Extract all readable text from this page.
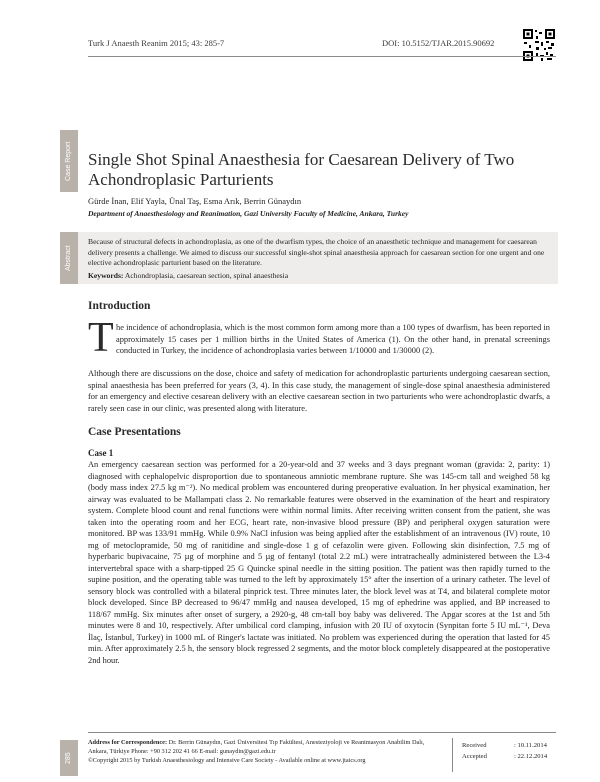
Turk J Anaesth Reanim 2015; 43: 285-7	DOI: 10.5152/TJAR.2015.90692
Case Report Single Shot Spinal Anaesthesia for Caesarean Delivery of Two Achondroplasic Parturients
Gürde İnan, Elif Yayla, Ünal Taş, Esma Arık, Berrin Günaydın
Department of Anaesthesiology and Reanimation, Gazi University Faculty of Medicine, Ankara, Turkey
Abstract
Because of structural defects in achondroplasia, as one of the dwarfism types, the choice of an anaesthetic technique and management for caesarean delivery presents a challenge. We aimed to discuss our successful single-shot spinal anaesthesia approach for caesarean section for one urgent and one elective achondroplasic parturient based on the literature.
Keywords: Achondroplasia, caesarean section, spinal anaesthesia
Introduction
T he incidence of achondroplasia, which is the most common form among more than a 100 types of dwarfism, has been reported in approximately 15 cases per 1 million births in the United States of America (1). On the other hand, in prenatal screenings conducted in Turkey, the incidence of achondroplasia varies between 1/10000 and 1/30000 (2).
Although there are discussions on the dose, choice and safety of medication for achondroplastic parturients undergoing caesarean section, spinal anaesthesia has been preferred for years (3, 4). In this case study, the management of single-dose spinal anaesthesia administered for an emergency and elective cesarean delivery with an elective caesarean section in two parturients who were achondroplastic dwarfs, a rarely seen case in our clinic, was presented along with literature.
Case Presentations
Case 1
An emergency caesarean section was performed for a 20-year-old and 37 weeks and 3 days pregnant woman (gravida: 2, parity: 1) diagnosed with cephalopelvic disproportion due to spontaneous amniotic membrane rupture. She was 145-cm tall and weighed 58 kg (body mass index 27.5 kg m⁻²). No medical problem was encountered during preoperative evaluation. In her physical examination, her airway was evaluated to be Mallampati class 2. No remarkable features were observed in the examination of the heart and respiratory system. Complete blood count and renal functions were within normal limits. After receiving written consent from the patient, she was taken into the operating room and her ECG, heart rate, non-invasive blood pressure (BP) and peripheral oxygen saturation were monitored. BP was 133/91 mmHg. While 0.9% NaCl infusion was being applied after the establishment of an intravenous (IV) route, 10 mg of metoclopramide, 50 mg of ranitidine and single-dose 1 g of cefazolin were given. Following skin disinfection, 7.5 mg of hyperbaric bupivacaine, 75 µg of morphine and 5 µg of fentanyl (total 2.2 mL) were intratracheally administered between the L3-4 intervertebral space with a sharp-tipped 25 G Quincke spinal needle in the sitting position. The patient was then rapidly turned to the supine position, and the operating table was turned to the left by approximately 15° after the insertion of a urinary catheter. The level of sensory block was controlled with a bilateral pinprick test. Three minutes later, the block level was at T4, and bilateral complete motor block developed. Since BP decreased to 96/47 mmHg and nausea developed, 15 mg of ephedrine was applied, and BP increased to 118/67 mmHg. Six minutes after onset of surgery, a 2920-g, 48 cm-tall boy baby was delivered. The Apgar scores at the 1st and 5th minutes were 8 and 10, respectively. After umbilical cord clamping, infusion with 20 IU of oxytocin (Synpitan forte 5 IU mL⁻¹, Deva İlaç, İstanbul, Turkey) in 1000 mL of Ringer's lactate was initiated. No problem was experienced during the operation that lasted for 45 min. After approximately 2.5 h, the sensory block regressed 2 segments, and the motor block completely disappeared at the postoperative 2nd hour.
285
Address for Correspondence: Dr. Berrin Günaydın, Gazi Üniversitesi Tıp Fakültesi, Anesteziyoloji ve Reanimasyon Anabilim Dalı, Ankara, Türkiye Phone: +90 312 202 41 66 E-mail: gunaydin@gazi.edu.tr
©Copyright 2015 by Turkish Anaesthesiology and Intensive Care Society - Available online at www.jtaics.org
Received	: 10.11.2014
Accepted	: 22.12.2014
